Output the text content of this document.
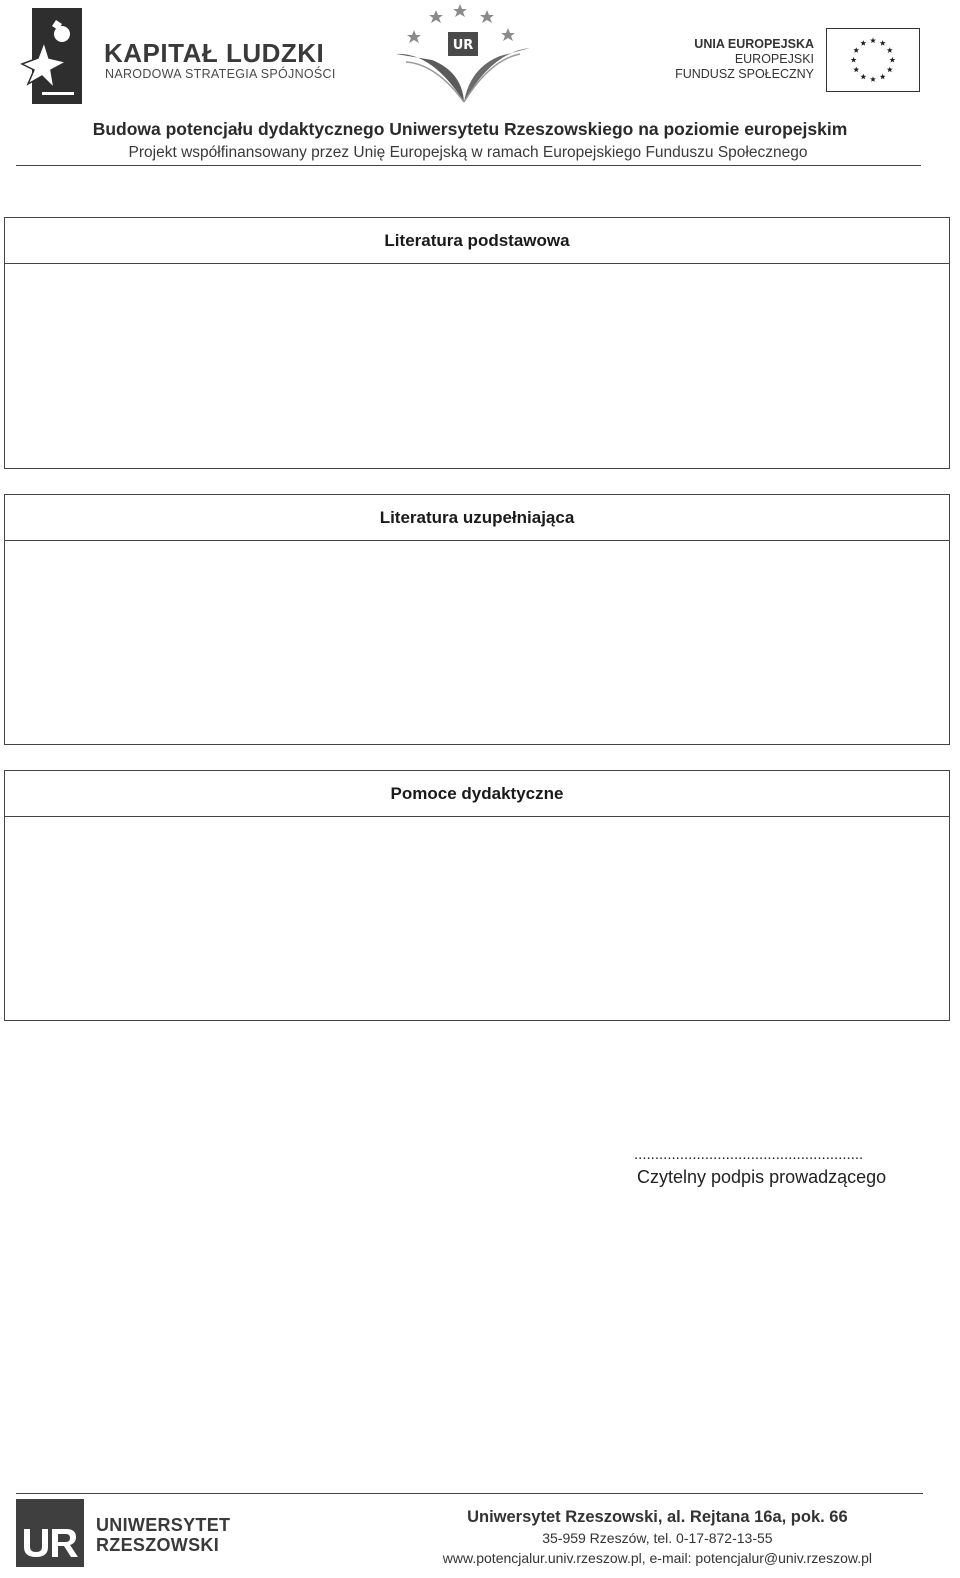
KAPITAŁ LUDZKI
NARODOWA STRATEGIA SPÓJNOŚCI
UR	UNIA EUROPEJSKA
EUROPEJSKI
FUNDUSZ SPOŁECZNY
Budowa potencjału dydaktycznego Uniwersytetu Rzeszowskiego na poziomie europejskim
Projekt współfinansowany przez Unię Europejską w ramach Europejskiego Funduszu Społecznego
Literatura podstawowa
Literatura uzupełniająca
Pomoce dydaktyczne
.......................................................
Czytelny podpis prowadzącego
UNIWERSYTET
RZESZOWSKI
Uniwersytet Rzeszowski, al. Rejtana 16a, pok. 66
35-959 Rzeszów, tel. 0-17-872-13-55
www.potencjalur.univ.rzeszow.pl, e-mail: potencjalur@univ.rzeszow.pl
